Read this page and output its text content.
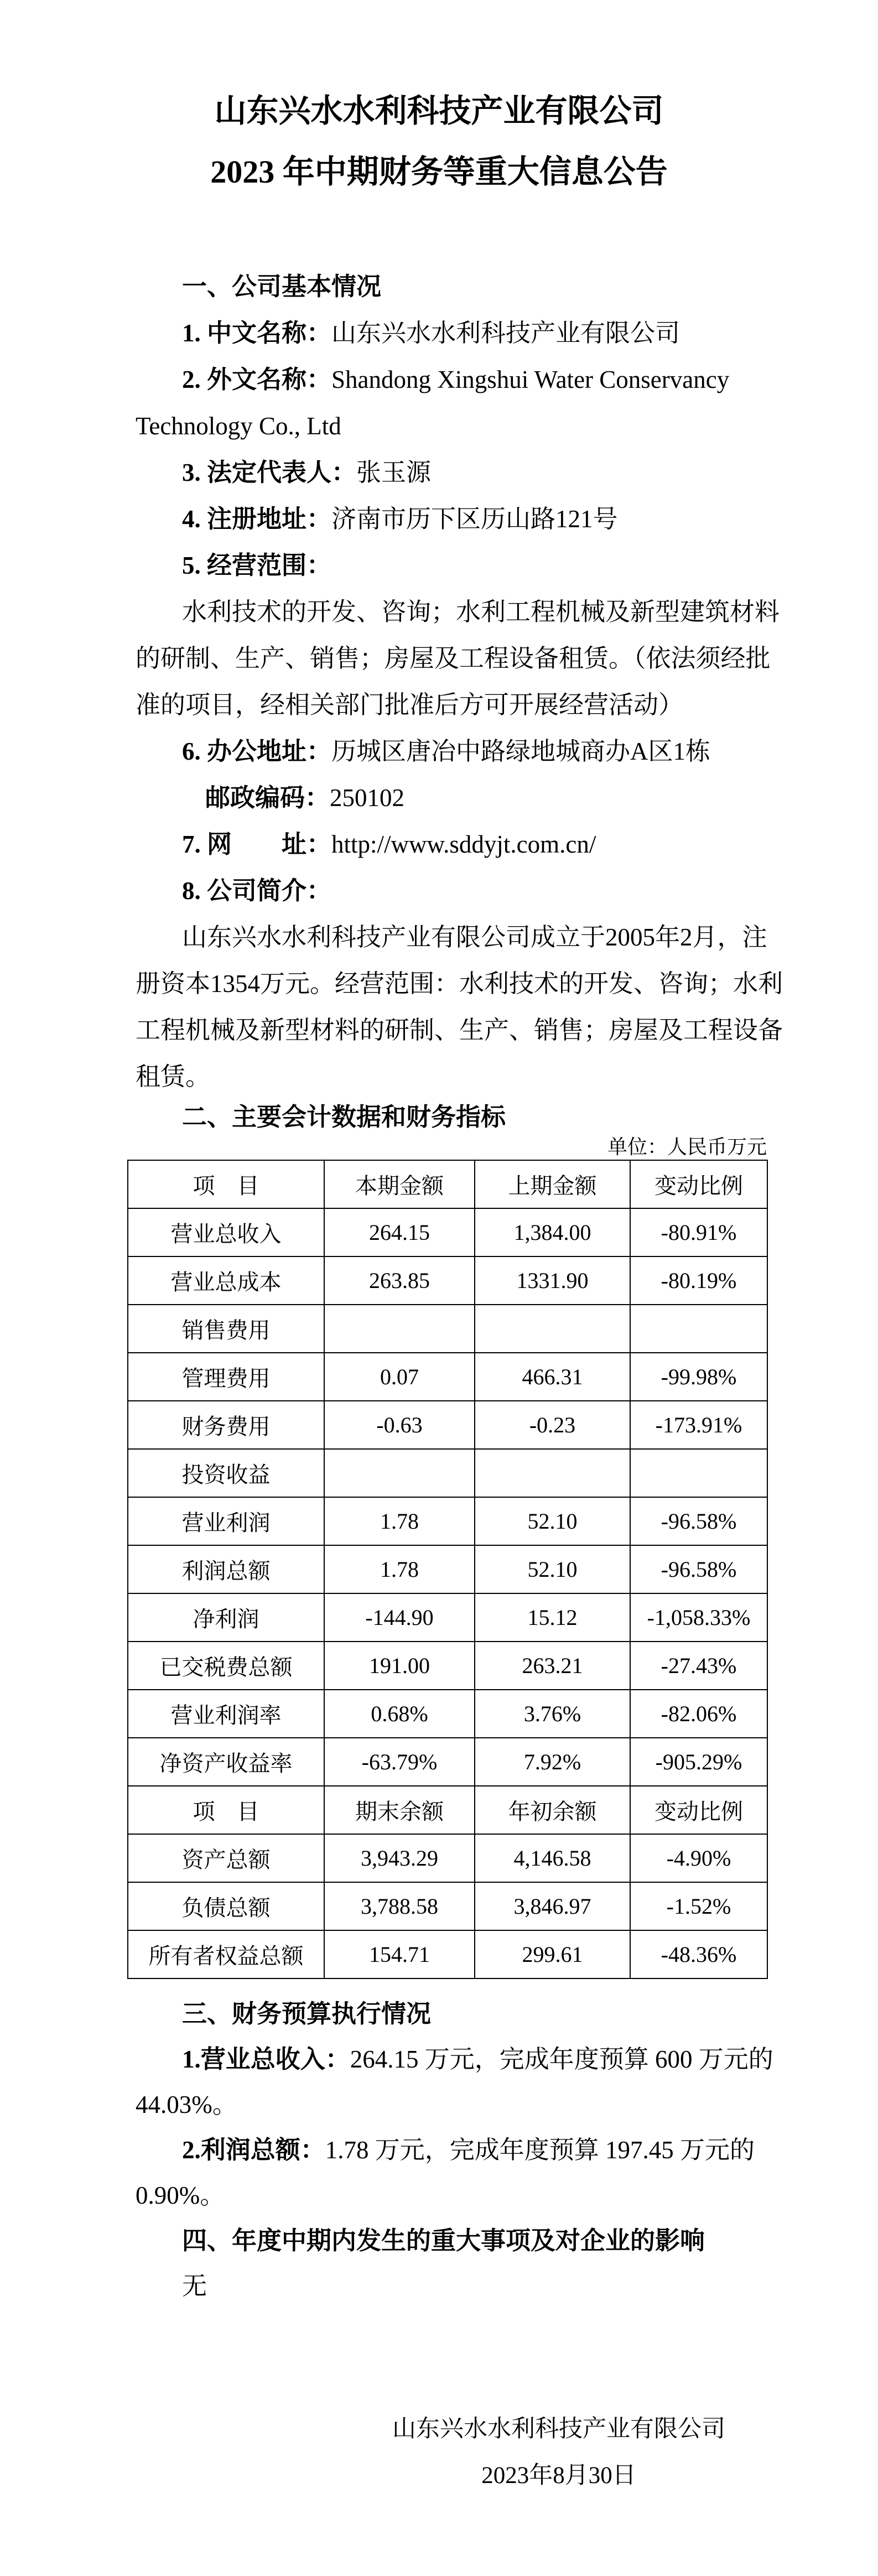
山东兴水水利科技产业有限公司
2023 年中期财务等重大信息公告
一、公司基本情况
1. 中文名称：山东兴水水利科技产业有限公司
2. 外文名称：Shandong Xingshui Water Conservancy
Technology Co., Ltd
3. 法定代表人：张玉源
4. 注册地址：济南市历下区历山路121号
5. 经营范围：
水利技术的开发、咨询；水利工程机械及新型建筑材料
的研制、生产、销售；房屋及工程设备租赁。（依法须经批
准的项目，经相关部门批准后方可开展经营活动）
6. 办公地址：历城区唐冶中路绿地城商办A区1栋
邮政编码：250102
7. 网　　址：http://www.sddyjt.com.cn/
8. 公司简介：
山东兴水水利科技产业有限公司成立于2005年2月，注
册资本1354万元。经营范围：水利技术的开发、咨询；水利
工程机械及新型材料的研制、生产、销售；房屋及工程设备
租赁。
二、主要会计数据和财务指标
单位：人民币万元
项　目	本期金额	上期金额	变动比例
营业总收入	264.15	1,384.00	-80.91%
营业总成本	263.85	1331.90	-80.19%
销售费用			
管理费用	0.07	466.31	-99.98%
财务费用	-0.63	-0.23	-173.91%
投资收益			
营业利润	1.78	52.10	-96.58%
利润总额	1.78	52.10	-96.58%
净利润	-144.90	15.12	-1,058.33%
已交税费总额	191.00	263.21	-27.43%
营业利润率	0.68%	3.76%	-82.06%
净资产收益率	-63.79%	7.92%	-905.29%
项　目	期末余额	年初余额	变动比例
资产总额	3,943.29	4,146.58	-4.90%
负债总额	3,788.58	3,846.97	-1.52%
所有者权益总额	154.71	299.61	-48.36%
三、财务预算执行情况
1.营业总收入：264.15 万元，完成年度预算 600 万元的
44.03%。
2.利润总额：1.78 万元，完成年度预算 197.45 万元的
0.90%。
四、年度中期内发生的重大事项及对企业的影响
无
山东兴水水利科技产业有限公司
2023年8月30日
